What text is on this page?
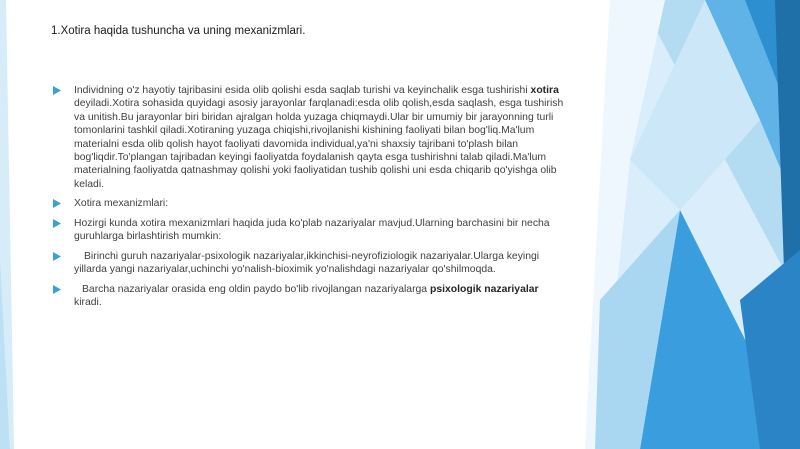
1.Xotira haqida tushuncha va uning mexanizmlari.
Individning o'z hayotiy tajribasini esida olib qolishi esda saqlab turishi va keyinchalik esga tushirishi xotira deyiladi.Xotira sohasida quyidagi asosiy jarayonlar farqlanadi:esda olib qolish,esda saqlash, esga tushirish va unitish.Bu jarayonlar biri biridan ajralgan holda yuzaga chiqmaydi.Ular bir umumiy bir jarayonning turli tomonlarini tashkil qiladi.Xotiraning yuzaga chiqishi,rivojlanishi kishining faoliyati bilan bog'liq.Ma'lum materialni esda olib qolish hayot faoliyati davomida individual,ya'ni shaxsiy tajribani to'plash bilan bog'liqdir.To'plangan tajribadan keyingi faoliyatda foydalanish qayta esga tushirishni talab qiladi.Ma'lum materialning faoliyatda qatnashmay qolishi yoki faoliyatidan tushib qolishi uni esda chiqarib qo'yishga olib keladi.
Xotira mexanizmlari:
Hozirgi kunda xotira mexanizmlari haqida juda ko'plab nazariyalar mavjud.Ularning barchasini bir necha guruhlarga birlashtirish mumkin:
Birinchi guruh nazariyalar-psixologik nazariyalar,ikkinchisi-neyrofiziologik nazariyalar.Ularga keyingi yillarda yangi nazariyalar,uchinchi yo'nalish-bioximik yo'nalishdagi nazariyalar qo'shilmoqda.
Barcha nazariyalar orasida eng oldin paydo bo'lib rivojlangan nazariyalarga psixologik nazariyalar kiradi.
